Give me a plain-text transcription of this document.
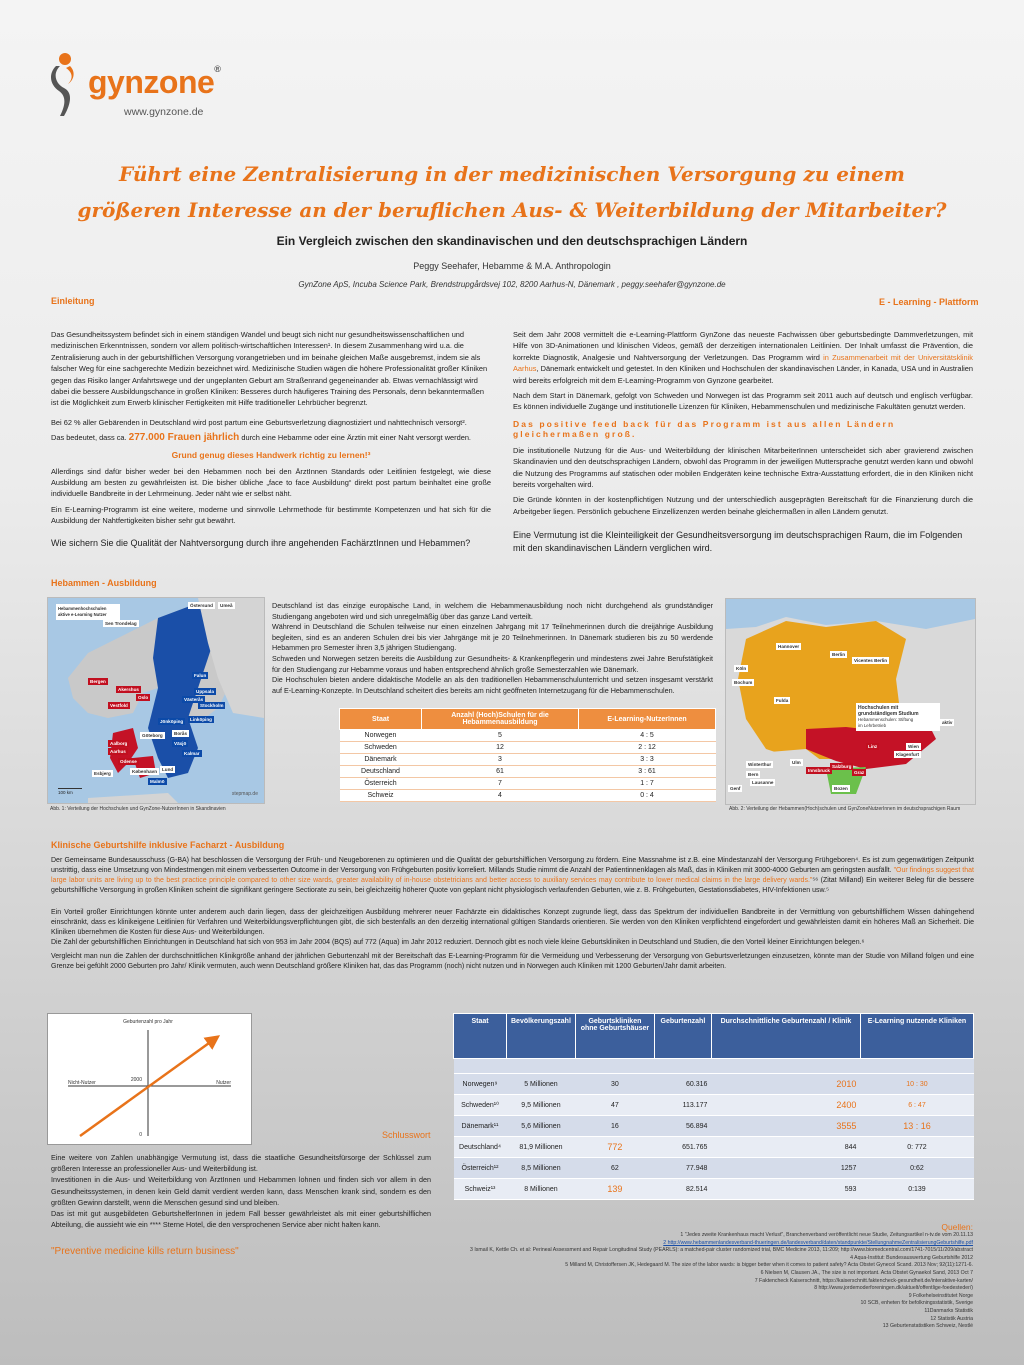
gynzone®
www.gynzone.de
Führt eine Zentralisierung in der medizinischen Versorgung zu einem
größeren Interesse an der beruflichen Aus- & Weiterbildung der Mitarbeiter?
Ein Vergleich zwischen den skandinavischen und den deutschsprachigen Ländern
Peggy Seehafer, Hebamme & M.A. Anthropologin
GynZone ApS, Incuba Science Park, Brendstrupgårdsvej 102, 8200 Aarhus-N, Dänemark , peggy.seehafer@gynzone.de
Einleitung

Das Gesundheitssystem befindet sich in einem ständigen Wandel und beugt sich nicht nur gesundheitswissenschaftlichen und medizinischen Erkenntnissen, sondern vor allem politisch-wirtschaftlichen Interessen¹. In diesem Zusammenhang wird u.a. die Zentralisierung auch in der geburtshilflichen Versorgung vorangetrieben und im beinahe gleichen Maße ausgebremst, indem sie als falscher Weg für eine sachgerechte Medizin bezeichnet wird. Medizinische Studien wägen die höhere Professionalität großer Kliniken gegen das Risiko langer Anfahrtswege und der ungeplanten Geburt am Straßenrand gegeneinander ab. Etwas vernachlässigt wird dabei die bessere Ausbildungschance in großen Kliniken: Besseres durch häufigeres Training des Personals, denn bekanntermaßen ist die Möglichkeit zum Erwerb klinischer Fertigkeiten mit Hilfe traditioneller Lehrbücher begrenzt.

Bei 62 % aller Gebärenden in Deutschland wird post partum eine Geburtsverletzung diagnostiziert und nahttechnisch versorgt².

Das bedeutet, dass ca. 277.000 Frauen jährlich durch eine Hebamme oder eine Ärztin mit einer Naht versorgt werden.

Grund genug dieses Handwerk richtig zu lernen!³

Allerdings sind dafür bisher weder bei den Hebammen noch bei den ÄrztInnen Standards oder Leitlinien festgelegt, wie diese Ausbildung am besten zu gewährleisten ist. Die bisher übliche „face to face Ausbildung“ direkt post partum beinhaltet eine große individuelle Bandbreite in der Lehrmeinung. Jeder näht wie er selbst näht.

Ein E-Learning-Programm ist eine weitere, moderne und sinnvolle Lehrmethode für bestimmte Kompetenzen und hat sich für die Ausbildung der Nahtfertigkeiten bisher sehr gut bewährt.

Wie sichern Sie die Qualität der Nahtversorgung durch ihre angehenden FachärztInnen und Hebammen?

E - Learning - Plattform

Seit dem Jahr 2008 vermittelt die e-Learning-Plattform GynZone das neueste Fachwissen über geburtsbedingte Dammverletzungen, mit Hilfe von 3D-Animationen und klinischen Videos, gemäß der derzeitigen internationalen Leitlinien. Der Inhalt umfasst die Prävention, die korrekte Diagnostik, Analgesie und Nahtversorgung der Verletzungen. Das Programm wird in Zusammenarbeit mit der Universitätsklinik Aarhus, Dänemark entwickelt und getestet. In den Kliniken und Hochschulen der skandinavischen Länder, in Kanada, USA und in Australien wird bereits erfolgreich mit dem E-Learning-Programm von Gynzone gearbeitet.

Nach dem Start in Dänemark, gefolgt von Schweden und Norwegen ist das Programm seit 2011 auch auf deutsch und englisch verfügbar. Es können individuelle Zugänge und institutionelle Lizenzen für Kliniken, Hebammenschulen und medizinische Fakultäten genutzt werden.

Das positive feed back für das Programm ist aus allen Ländern gleichermaßen groß.

Die institutionelle Nutzung für die Aus- und Weiterbildung der klinischen MitarbeiterInnen unterscheidet sich aber gravierend zwischen Skandinavien und den deutschsprachigen Ländern, obwohl das Programm in der jeweiligen Muttersprache genutzt werden kann und obwohl die Nutzung des Programms auf statischen oder mobilen Endgeräten keine technische Extra-Ausstattung erfordert, die in den Kliniken nicht bereits vorgehalten wird.

Die Gründe könnten in der kostenpflichtigen Nutzung und der unterschiedlich ausgeprägten Bereitschaft für die Finanzierung durch die Arbeitgeber liegen. Persönlich gebuchene Einzellizenzen werden beinahe gleichermaßen in allen Ländern genutzt.

Eine Vermutung ist die Kleinteiligkeit der Gesundheitsversorgung im deutschsprachigen Raum, die im Folgenden mit den skandinavischen Ländern verglichen wird.

Hebammen - Ausbildung
Hebammenhochschulen
aktive e-Learning Nutzer
Sen Trondelag
Bergen
Akershus
Vestfold
Oslo
Falun
Uppsala
Västerås
Stockholm
Linköping
Jönköping
Växjö
Borås
Göteborg
Kalmar
Aalborg
Aarhus
København
Odense
Esbjerg
Malmö
Lund
Östersund	Umeå
100 km	stepmap.de
Abb. 1: Verteilung der Hochschulen und GynZone-NutzerInnen in Skandinavien
Deutschland ist das einzige europäische Land, in welchem die Hebammenausbildung noch nicht durchgehend als grundständiger Studiengang angeboten wird und sich unregelmäßig über das ganze Land verteilt.
Während in Deutschland die Schulen teilweise nur einen einzelnen Jahrgang mit 17 Teilnehmerinnen durch die dreijährige Ausbildung begleiten, sind es an anderen Schulen drei bis vier Jahrgänge mit je 20 Teilnehmerinnen. In Dänemark studieren bis zu 50 werdende Hebammen pro Semester ihren 3,5 jährigen Studiengang.
Schweden und Norwegen setzen bereits die Ausbildung zur Gesundheits- & Krankenpflegerin und mindestens zwei Jahre Berufstätigkeit für den Studiengang zur Hebamme voraus und haben entsprechend ähnlich große Semesterzahlen wie Dänemark.
Die Hochschulen bieten andere didaktische Modelle an als den traditionellen Hebammenschulunterricht und setzen insgesamt verstärkt auf E-Learning-Konzepte. In Deutschland scheitert dies bereits am nicht geöffneten Internetzugang für die Hebammenschulen.
Staat	Anzahl (Hoch)Schulen für die Hebammenausbildung	E-Learning-NutzerInnen
Norwegen	5	4 : 5
Schweden	12	2 : 12
Dänemark	3	3 : 3
Deutschland	61	3 : 61
Österreich	7	1 : 7
Schweiz	4	0 : 4
Hannover
Berlin
Vicentes Berlin
Bochum
Fulda
Wien
Linz
Salzburg
Innsbruck
Klagenfurt
Graz
Winterthur
Bern
Lausanne
Genf	Bozen
Ulm
Köln
Hochschulen mit grundständigem Studium
Hebammenschulen: Stiftung
im Lehrbetrieb
aktiv
Abb. 2: Verteilung der Hebammen(Hoch)schulen und GynZoneNutzerInnen im deutschsprachigen Raum
Klinische Geburtshilfe inklusive Facharzt - Ausbildung

Der Gemeinsame Bundesausschuss (G-BA) hat beschlossen die Versorgung der Früh- und Neugeborenen zu optimieren und die Qualität der geburtshilflichen Versorgung zu fördern. Eine Massnahme ist z.B. eine Mindestanzahl der Versorgung Frühgeboren⁴. Es ist zum gegenwärtigen Zeitpunkt unstrittig, dass eine Umsetzung von Mindestmengen mit einem verbesserten Outcome in der Versorgung von Frühgeburten positiv korreliert. Millands Studie nimmt die Anzahl der Patientinnenklagen als Maß, das in Kliniken mit 3000-4000 Geburten am geringsten ausfällt. "Our findings suggest that large labor units are living up to the best practice principle compared to other size wards, greater availability of in-house obstetricians and better access to auxiliary services may contribute to lower medical claims in the large delivery wards."⁵⁶ (Zitat Milland) Ein weiterer Beleg für die bessere geburtshilfliche Versorgung in großen Kliniken scheint die signifikant geringere Sectiorate zu sein, bei gleichzeitig höherer Quote von geplant nicht physiologisch verlaufenden Geburten, wie z. B. Frühgeburten, Gestationsdiabetes, HIV-Infektionen usw.⁵

Ein Vorteil großer Einrichtungen könnte unter anderem auch darin liegen, dass der gleichzeitigen Ausbildung mehrerer neuer Fachärzte ein didaktisches Konzept zugrunde liegt, dass das Spektrum der individuellen Bandbreite in der Vermittlung von geburtshilflichem Wissen dahingehend einschränkt, dass es klinikeigene Leitlinien für Verfahren und Weiterbildungsverpflichtungen gibt, die sich bestenfalls an den derzeitig international gültigen Standards orientieren. Sie werden von den Kliniken verpflichtend eingefordert und gewährleisten damit ein höheres Maß an Sicherheit. Die Kliniken übernehmen die Kosten für diese Aus- und Weiterbildungen.
Die Zahl der geburtshilflichen Einrichtungen in Deutschland hat sich von 953 im Jahr 2004 (BQS) auf 772 (Aqua) im Jahr 2012 reduziert. Dennoch gibt es noch viele kleine Geburtskliniken in Deutschland und Studien, die den Vorteil kleiner Einrichtungen belegen.⁶

Vergleicht man nun die Zahlen der durchschnittlichen Klinikgröße anhand der jährlichen Geburtenzahl mit der Bereitschaft das E-Learning-Programm für die Vermeidung und Verbesserung der Versorgung von Geburtsverletzungen einzusetzen, könnte man der Studie von Milland folgen und eine Grenze bei gefühlt 2000 Geburten pro Jahr/ Klinik vermuten, auch wenn Deutschland größere Kliniken hat, das das Programm (noch) nicht nutzen und in Norwegen auch Kliniken mit 1200 Geburten/Jahr damit arbeiten.

Geburtenzahl pro Jahr
Nicht-Nutzer	Nutzer
2000
0
Staat	Bevölkerungszahl	Geburtskliniken ohne Geburtshäuser	Geburtenzahl	Durchschnittliche Geburtenzahl / Klinik	E-Learning nutzende Kliniken

Norwegen⁹	5 Millionen	30	60.316	2010	10 : 30
Schweden¹⁰	9,5 Millionen	47	113.177	2400	6 : 47
Dänemark¹¹	5,6 Millionen	16	56.894	3555	13 : 16
Deutschland⁴	81,9 Millionen	772	651.765	844	0: 772
Österreich¹²	8,5 Millionen	62	77.948	1257	0:62
Schweiz¹³	8 Millionen	139	82.514	593	0:139
Schlusswort
Eine weitere von Zahlen unabhängige Vermutung ist, dass die staatliche Gesundheitsfürsorge der Schlüssel zum größeren Interesse an professioneller Aus- und Weiterbildung ist.
Investitionen in die Aus- und Weiterbildung von ÄrztInnen und Hebammen lohnen und finden sich vor allem in den Gesundheitssystemen, in denen kein Geld damit verdient werden kann, dass Menschen krank sind, sondern es den größten Gewinn darstellt, wenn die Menschen gesund sind und bleiben.
Das ist mit gut ausgebildeten GeburtshelferInnen in jedem Fall besser gewährleistet als mit einer geburtshilflichen Abteilung, die aussieht wie ein **** Sterne Hotel, die den versprochenen Service aber nicht halten kann.
"Preventive medicine kills return business"
Quellen:
1 "Jedes zweite Krankenhaus macht Verlust", Branchenverband veröffentlicht neue Studie, Zeitungsartikel n-tv.de vom 20.11.13
2 http://www.hebammenlandesverband-thueringen.de/landesverband/daten/standpunkte/StellungnahmeZentralisierungGeburtshilfe.pdf
3 Ismail K, Kettle Ch. et al: Perineal Assessment and Repair Longitudinal Study (PEARLS): a matched-pair cluster randomized trial, BMC Medicine 2013, 11:209; http://www.biomedcentral.com/1741-7015/11/209/abstract
4 Aqua-Institut: Bundesauswertung Geburtshilfe 2012
5 Milland M, Christoffersen JK, Hedegaard M. The size of the labor wards: is bigger better when it comes to patient safety? Acta Obstet Gynecol Scand. 2013 Nov; 92(11):1271-6.
6 Nielsen M, Clausen JA., The size is not important. Acta Obstet Gynaekol Sand, 2013 Oct 7
7 Faktencheck Kaiserschnitt, https://kaiserschnitt.faktencheck-gesundheit.de/interaktive-karten/
8 http://www.jordemoderforeningen.dk/aktuelt/offentlige-foedesteder/)
9 Folkehelseinstitutet Norge
10 SCB, enheten för befolkningsstatistik, Sverige
11Danmarks Statistik
12 Statistik Austria
13 Geburtenstatistiken Schweiz, Nestlé
